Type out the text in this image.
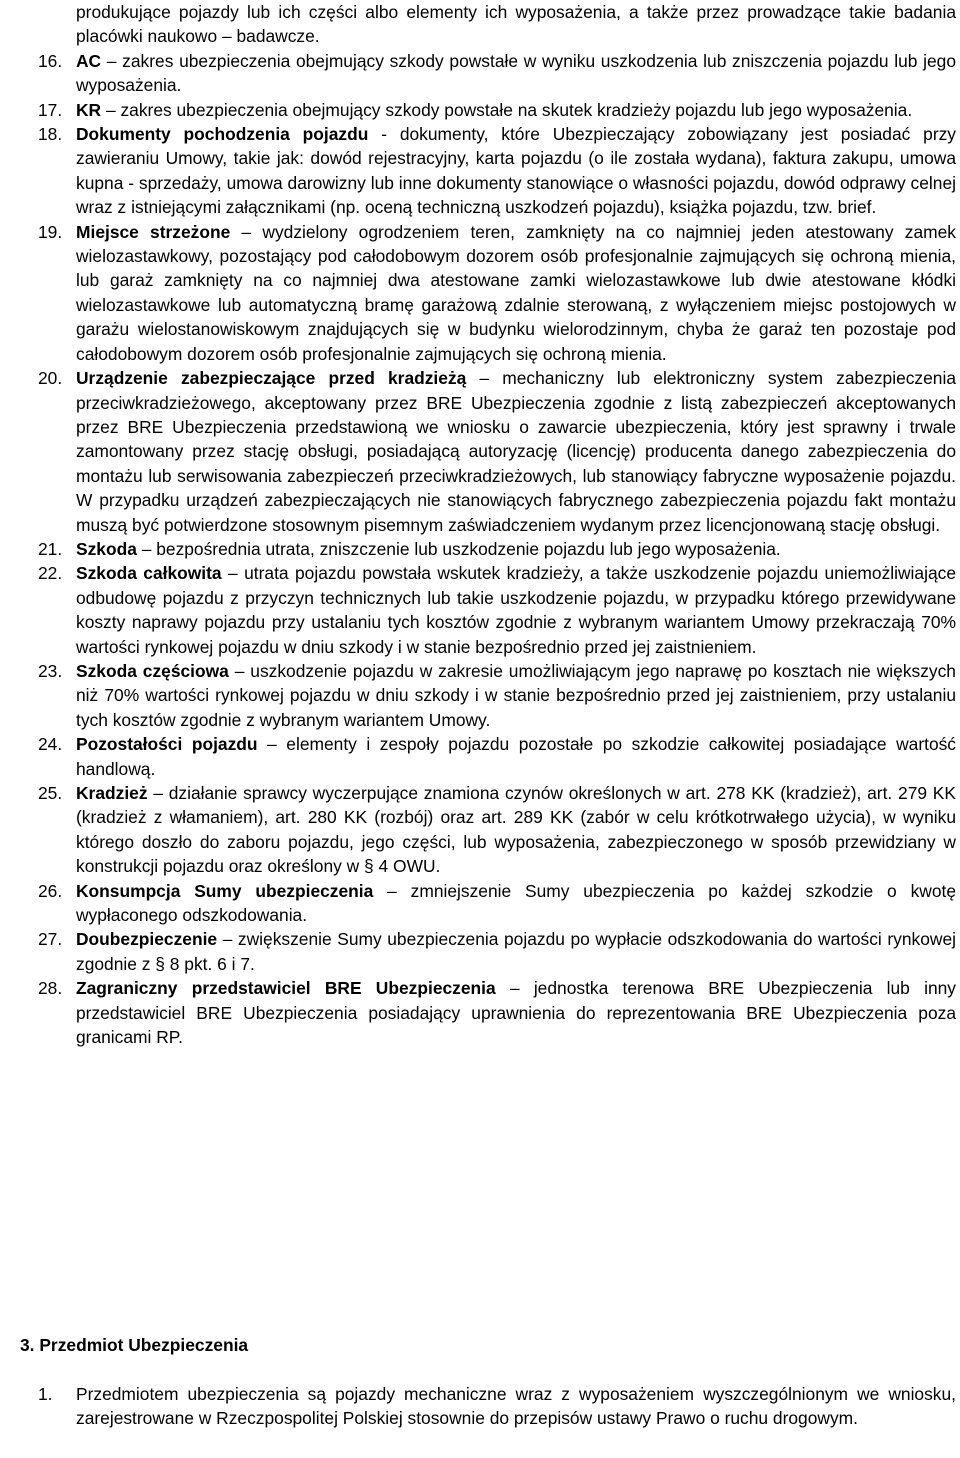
produkujące pojazdy lub ich części albo elementy ich wyposażenia, a także przez prowadzące takie badania placówki naukowo – badawcze.
16. AC – zakres ubezpieczenia obejmujący szkody powstałe w wyniku uszkodzenia lub zniszczenia pojazdu lub jego wyposażenia.
17. KR – zakres ubezpieczenia obejmujący szkody powstałe na skutek kradzieży pojazdu lub jego wyposażenia.
18. Dokumenty pochodzenia pojazdu - dokumenty, które Ubezpieczający zobowiązany jest posiadać przy zawieraniu Umowy, takie jak: dowód rejestracyjny, karta pojazdu (o ile została wydana), faktura zakupu, umowa kupna - sprzedaży, umowa darowizny lub inne dokumenty stanowiące o własności pojazdu, dowód odprawy celnej wraz z istniejącymi załącznikami (np. oceną techniczną uszkodzeń pojazdu), książka pojazdu, tzw. brief.
19. Miejsce strzeżone – wydzielony ogrodzeniem teren, zamknięty na co najmniej jeden atestowany zamek wielozastawkowy, pozostający pod całodobowym dozorem osób profesjonalnie zajmujących się ochroną mienia, lub garaż zamknięty na co najmniej dwa atestowane zamki wielozastawkowe lub dwie atestowane kłódki wielozastawkowe lub automatyczną bramę garażową zdalnie sterowaną, z wyłączeniem miejsc postojowych w garażu wielostanowiskowym znajdujących się w budynku wielorodzinnym, chyba że garaż ten pozostaje pod całodobowym dozorem osób profesjonalnie zajmujących się ochroną mienia.
20. Urządzenie zabezpieczające przed kradzieżą – mechaniczny lub elektroniczny system zabezpieczenia przeciwkradzieżowego, akceptowany przez BRE Ubezpieczenia zgodnie z listą zabezpieczeń akceptowanych przez BRE Ubezpieczenia przedstawioną we wniosku o zawarcie ubezpieczenia, który jest sprawny i trwale zamontowany przez stację obsługi, posiadającą autoryzację (licencję) producenta danego zabezpieczenia do montażu lub serwisowania zabezpieczeń przeciwkradzieżowych, lub stanowiący fabryczne wyposażenie pojazdu. W przypadku urządzeń zabezpieczających nie stanowiących fabrycznego zabezpieczenia pojazdu fakt montażu muszą być potwierdzone stosownym pisemnym zaświadczeniem wydanym przez licencjonowaną stację obsługi.
21. Szkoda – bezpośrednia utrata, zniszczenie lub uszkodzenie pojazdu lub jego wyposażenia.
22. Szkoda całkowita – utrata pojazdu powstała wskutek kradzieży, a także uszkodzenie pojazdu uniemożliwiające odbudowę pojazdu z przyczyn technicznych lub takie uszkodzenie pojazdu, w przypadku którego przewidywane koszty naprawy pojazdu przy ustalaniu tych kosztów zgodnie z wybranym wariantem Umowy przekraczają 70% wartości rynkowej pojazdu w dniu szkody i w stanie bezpośrednio przed jej zaistnieniem.
23. Szkoda częściowa – uszkodzenie pojazdu w zakresie umożliwiającym jego naprawę po kosztach nie większych niż 70% wartości rynkowej pojazdu w dniu szkody i w stanie bezpośrednio przed jej zaistnieniem, przy ustalaniu tych kosztów zgodnie z wybranym wariantem Umowy.
24. Pozostałości pojazdu – elementy i zespoły pojazdu pozostałe po szkodzie całkowitej posiadające wartość handlową.
25. Kradzież – działanie sprawcy wyczerpujące znamiona czynów określonych w art. 278 KK (kradzież), art. 279 KK (kradzież z włamaniem), art. 280 KK (rozbój) oraz art. 289 KK (zabór w celu krótkotrwałego użycia), w wyniku którego doszło do zaboru pojazdu, jego części, lub wyposażenia, zabezpieczonego w sposób przewidziany w konstrukcji pojazdu oraz określony w § 4 OWU.
26. Konsumpcja Sumy ubezpieczenia – zmniejszenie Sumy ubezpieczenia po każdej szkodzie o kwotę wypłaconego odszkodowania.
27. Doubezpieczenie – zwiększenie Sumy ubezpieczenia pojazdu po wypłacie odszkodowania do wartości rynkowej zgodnie z § 8 pkt. 6 i 7.
28. Zagraniczny przedstawiciel BRE Ubezpieczenia – jednostka terenowa BRE Ubezpieczenia lub inny przedstawiciel BRE Ubezpieczenia posiadający uprawnienia do reprezentowania BRE Ubezpieczenia poza granicami RP.
3. Przedmiot Ubezpieczenia
1. Przedmiotem ubezpieczenia są pojazdy mechaniczne wraz z wyposażeniem wyszczególnionym we wniosku, zarejestrowane w Rzeczpospolitej Polskiej stosownie do przepisów ustawy Prawo o ruchu drogowym.
